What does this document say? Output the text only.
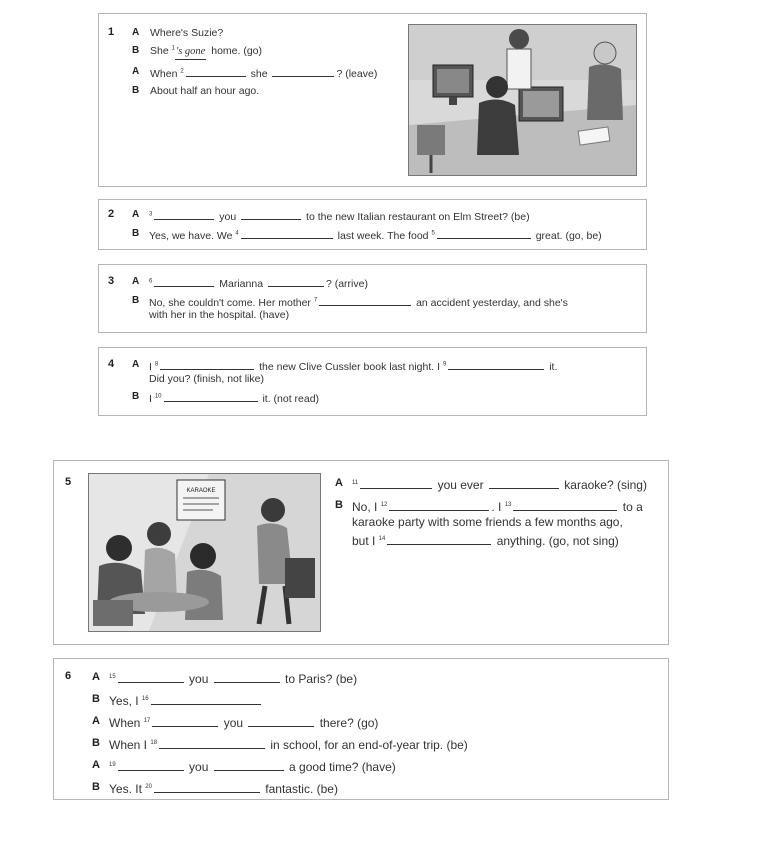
1 A Where's Suzie?
B She $^1$'s gone home. (go)
A When $^2$	she	? (leave)
B About half an hour ago.
2 A $^3$	you	to the new Italian restaurant on Elm Street? (be)
B Yes, we have. We $^4$	last week. The food $^5$	great. (go, be)
3 A $^6$	Marianna	? (arrive)
B No, she couldn't come. Her mother $^7$	an accident yesterday, and she's
with her in the hospital. (have)
4 A I $^8$	the new Clive Cussler book last night. I $^9$	it.
Did you? (finish, not like)
B I $^{10}$	it. (not read)
5
KARAOKE
A $^{11}$	you ever	karaoke? (sing)
B No, I $^{12}$	. I $^{13}$	to a
karaoke party with some friends a few months ago,
but I $^{14}$	anything. (go, not sing)
6 A $^{15}$	you	to Paris? (be)
B Yes, I $^{16}$
A When $^{17}$	you	there? (go)
B When I $^{18}$	in school, for an end-of-year trip. (be)
A $^{19}$	you	a good time? (have)
B Yes. It $^{20}$	fantastic. (be)
